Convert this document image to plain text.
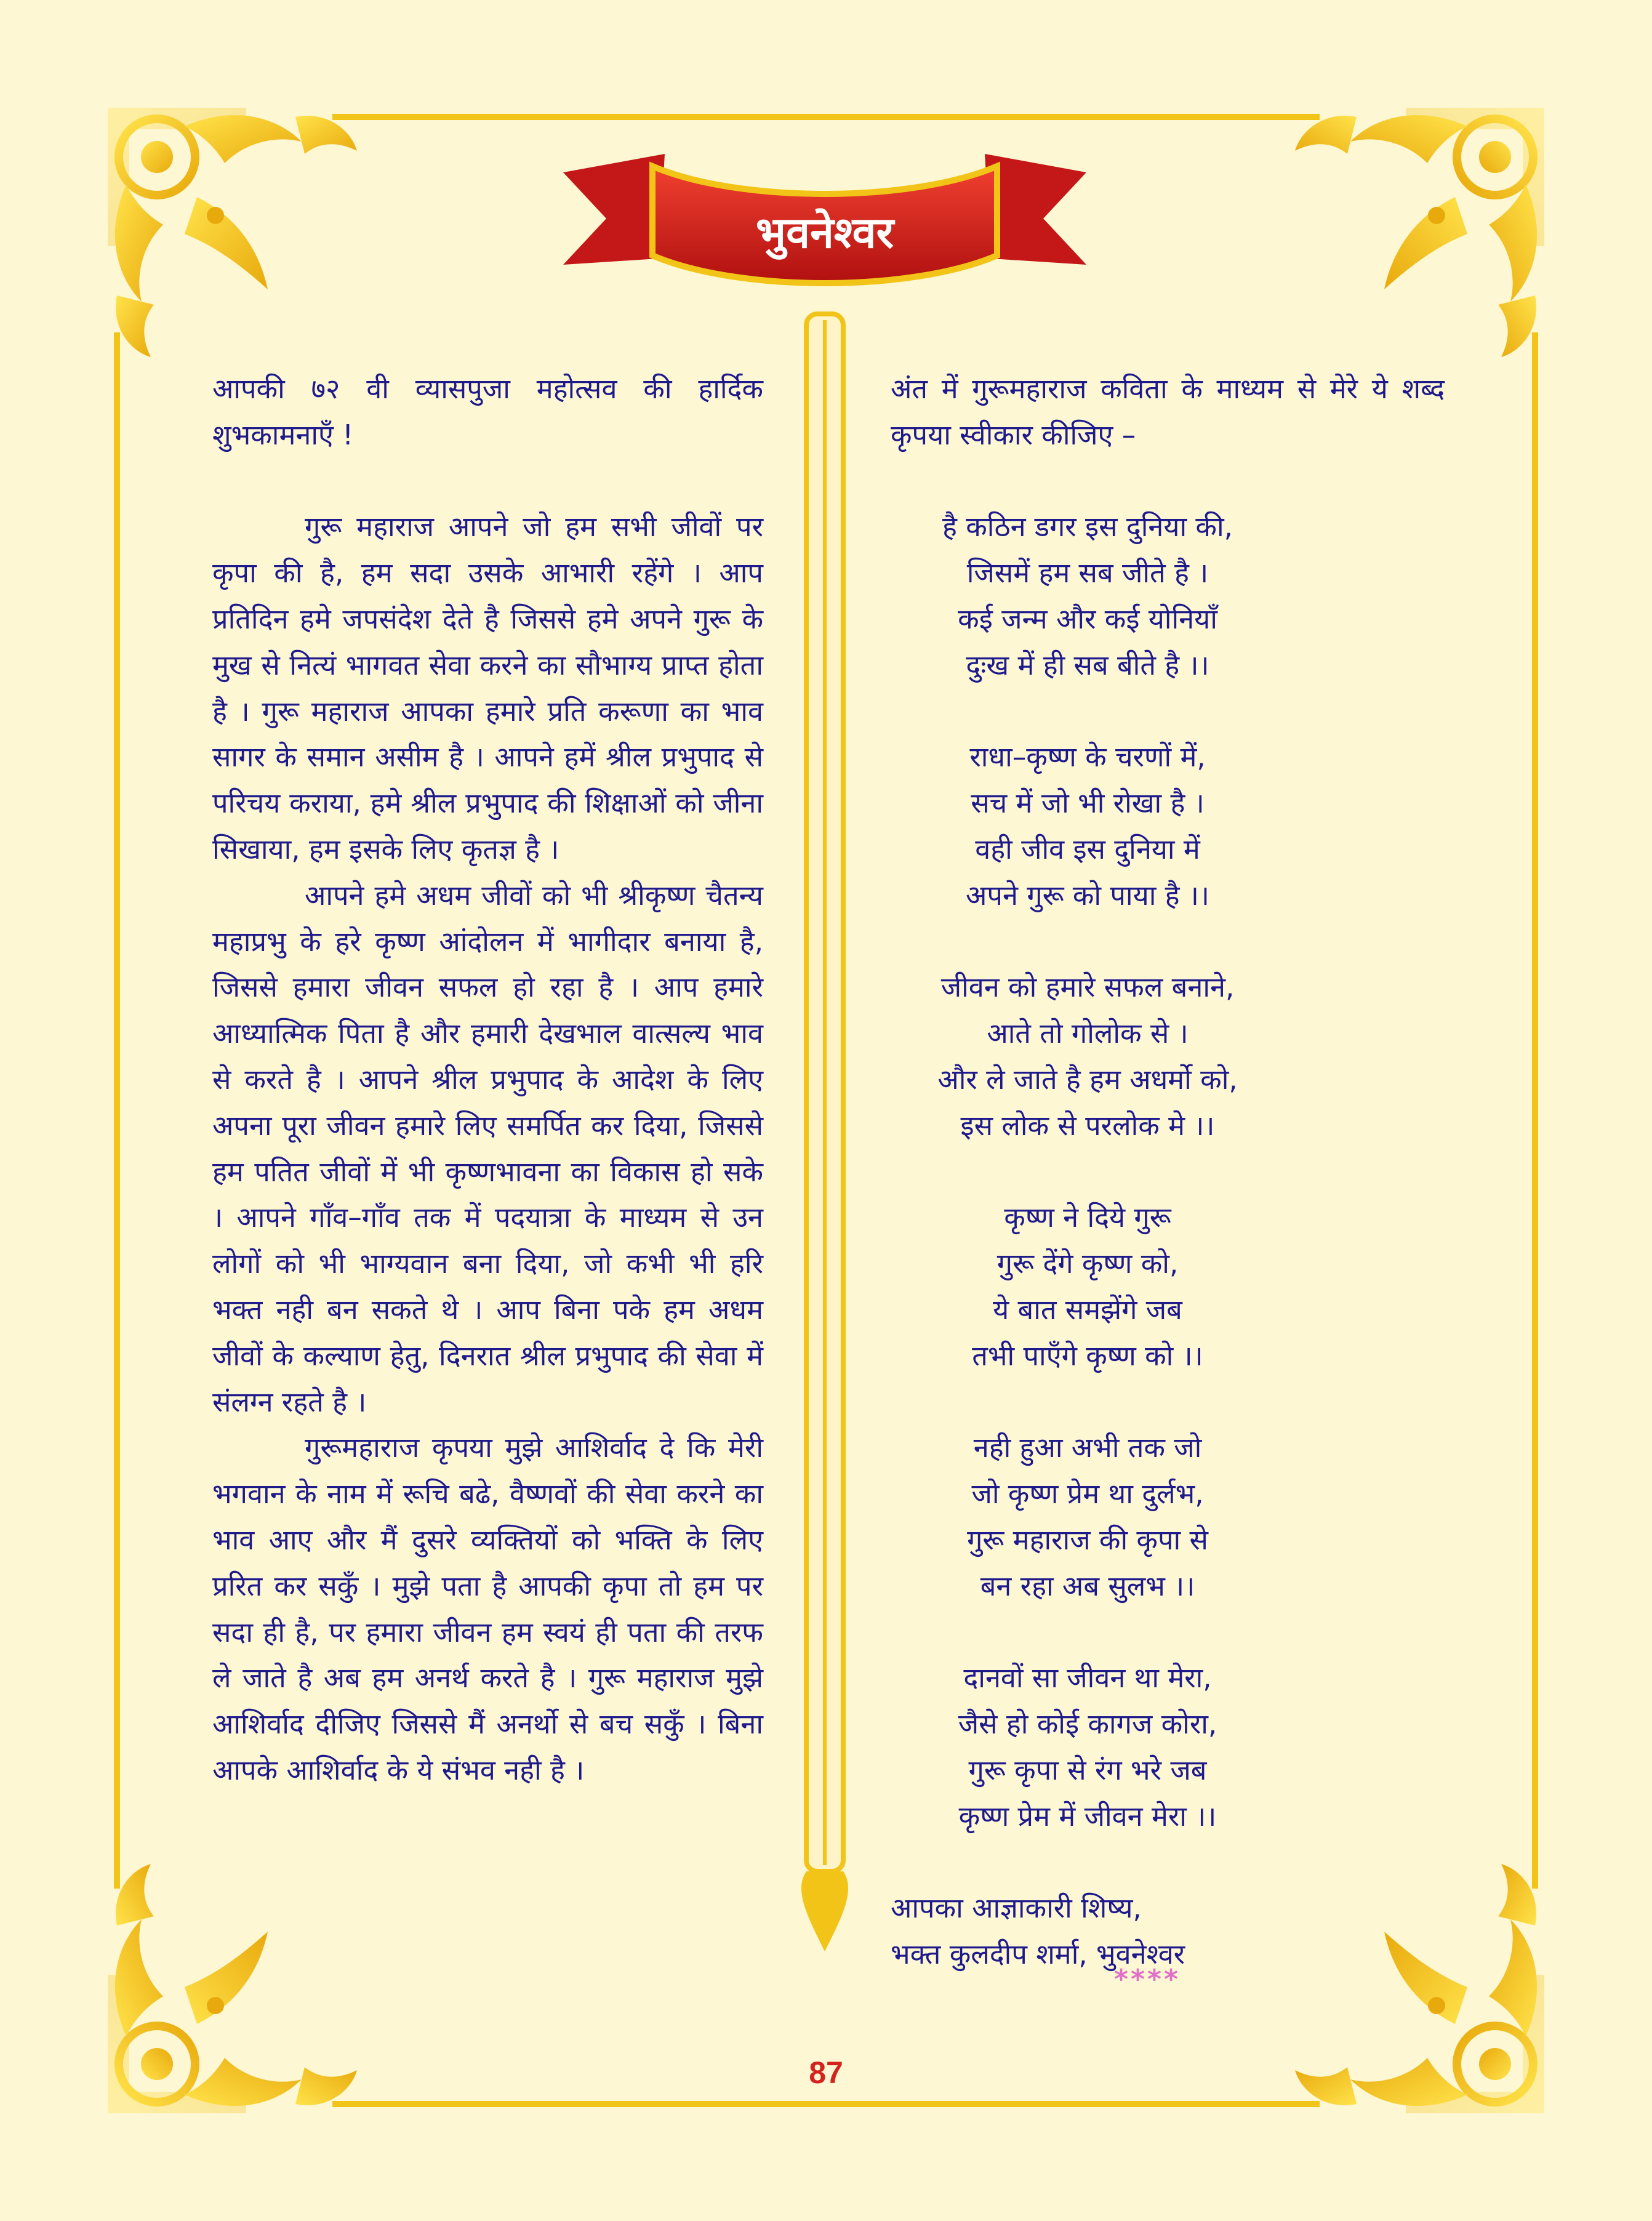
भुवनेश्वर

आपकी ७२ वी व्यासपुजा महोत्सव की हार्दिक शुभकामनाएँ !

गुरू महाराज आपने जो हम सभी जीवों पर कृपा की है, हम सदा उसके आभारी रहेंगे । आप प्रतिदिन हमे जपसंदेश देते है जिससे हमे अपने गुरू के मुख से नित्यं भागवत सेवा करने का सौभाग्य प्राप्त होता है । गुरू महाराज आपका हमारे प्रति करूणा का भाव सागर के समान असीम है । आपने हमें श्रील प्रभुपाद से परिचय कराया, हमे श्रील प्रभुपाद की शिक्षाओं को जीना सिखाया, हम इसके लिए कृतज्ञ है ।

आपने हमे अधम जीवों को भी श्रीकृष्ण चैतन्य महाप्रभु के हरे कृष्ण आंदोलन में भागीदार बनाया है, जिससे हमारा जीवन सफल हो रहा है । आप हमारे आध्यात्मिक पिता है और हमारी देखभाल वात्सल्य भाव से करते है । आपने श्रील प्रभुपाद के आदेश के लिए अपना पूरा जीवन हमारे लिए समर्पित कर दिया, जिससे हम पतित जीवों में भी कृष्णभावना का विकास हो सके । आपने गाँव–गाँव तक में पदयात्रा के माध्यम से उन लोगों को भी भाग्यवान बना दिया, जो कभी भी हरि भक्त नही बन सकते थे । आप बिना पके हम अधम जीवों के कल्याण हेतु, दिनरात श्रील प्रभुपाद की सेवा में संलग्न रहते है ।

गुरूमहाराज कृपया मुझे आशिर्वाद दे कि मेरी भगवान के नाम में रूचि बढे, वैष्णवों की सेवा करने का भाव आए और मैं दुसरे व्यक्तियों को भक्ति के लिए प्ररित कर सकुँ । मुझे पता है आपकी कृपा तो हम पर सदा ही है, पर हमारा जीवन हम स्वयं ही पता की तरफ ले जाते है अब हम अनर्थ करते है । गुरू महाराज मुझे आशिर्वाद दीजिए जिससे मैं अनर्थो से बच सकुँ । बिना आपके आशिर्वाद के ये संभव नही है ।

अंत में गुरूमहाराज कविता के माध्यम से मेरे ये शब्द कृपया स्वीकार कीजिए –

है कठिन डगर इस दुनिया की,
जिसमें हम सब जीते है ।
कई जन्म और कई योनियाँ
दुःख में ही सब बीते है ।।
राधा–कृष्ण के चरणों में,
सच में जो भी रोखा है ।
वही जीव इस दुनिया में
अपने गुरू को पाया है ।।
जीवन को हमारे सफल बनाने,
आते तो गोलोक से ।
और ले जाते है हम अधर्मो को,
इस लोक से परलोक मे ।।
कृष्ण ने दिये गुरू
गुरू देंगे कृष्ण को,
ये बात समझेंगे जब
तभी पाएँगे कृष्ण को ।।
नही हुआ अभी तक जो
जो कृष्ण प्रेम था दुर्लभ,
गुरू महाराज की कृपा से
बन रहा अब सुलभ ।।
दानवों सा जीवन था मेरा,
जैसे हो कोई कागज कोरा,
गुरू कृपा से रंग भरे जब
कृष्ण प्रेम में जीवन मेरा ।।
आपका आज्ञाकारी शिष्य,
भक्त कुलदीप शर्मा, भुवनेश्वर
****
87
